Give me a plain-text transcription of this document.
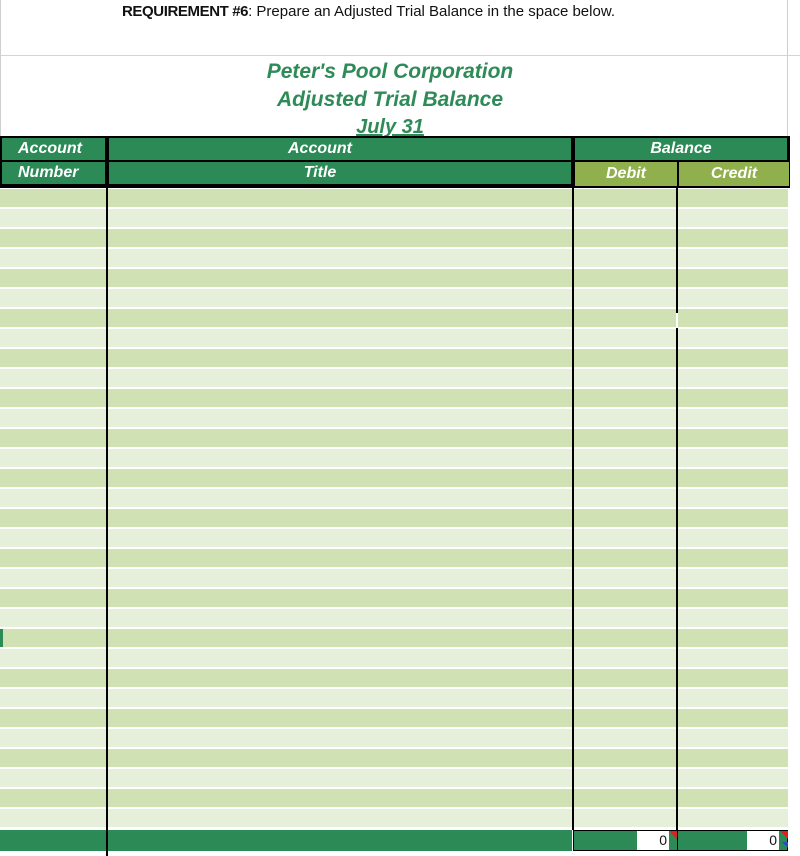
REQUIREMENT #6: Prepare an Adjusted Trial Balance in the space below.
Peter's Pool Corporation
Adjusted Trial Balance
July 31
Account
Number
Account
Title
Balance
Debit	Credit
0	0
